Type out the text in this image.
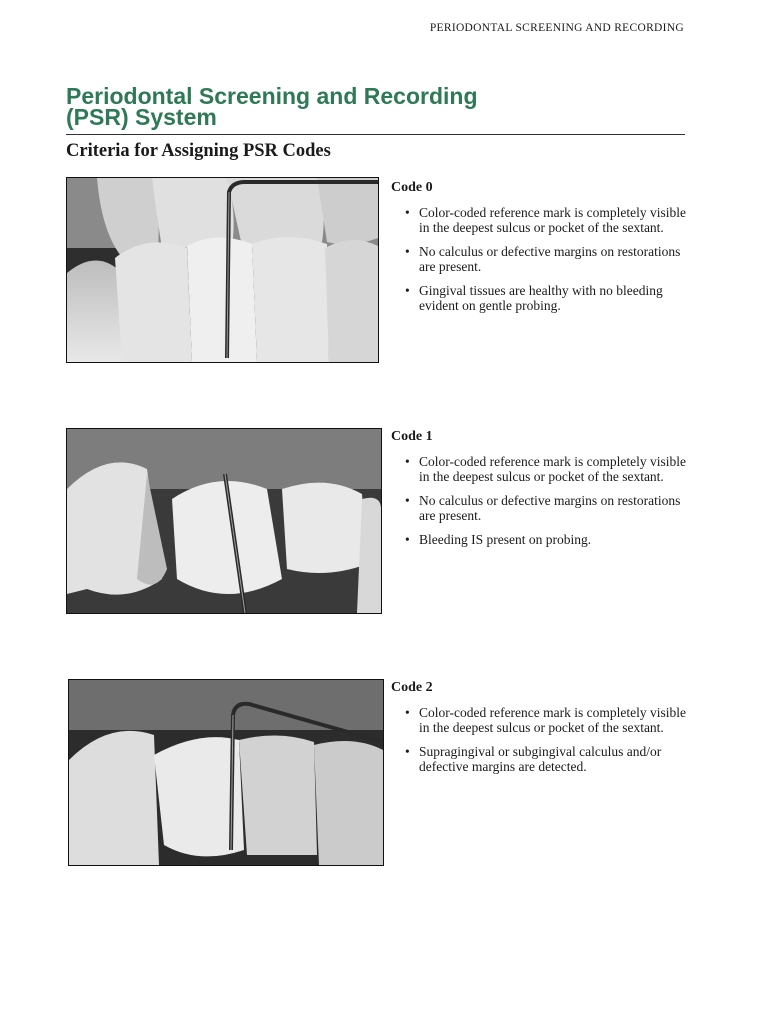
PERIODONTAL SCREENING AND RECORDING
Periodontal Screening and Recording
(PSR) System
Criteria for Assigning PSR Codes
Code 0
• Color-coded reference mark is completely visible in the deepest sulcus or pocket of the sextant.
• No calculus or defective margins on restorations are present.
• Gingival tissues are healthy with no bleeding evident on gentle probing.
Code 1
• Color-coded reference mark is completely visible in the deepest sulcus or pocket of the sextant.
• No calculus or defective margins on restorations are present.
• Bleeding IS present on probing.
Code 2
• Color-coded reference mark is completely visible in the deepest sulcus or pocket of the sextant.
• Supragingival or subgingival calculus and/or defective margins are detected.
